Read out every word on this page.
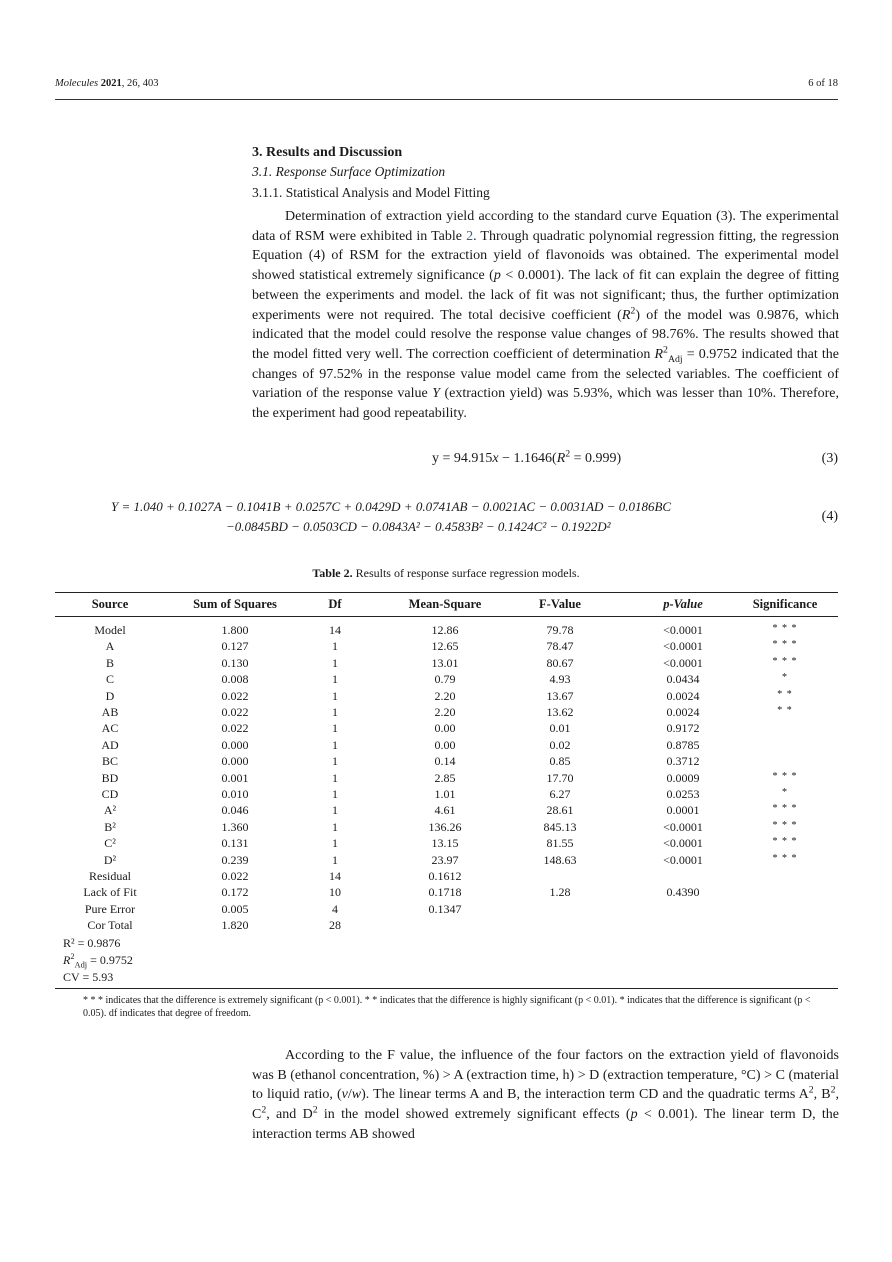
Molecules 2021, 26, 403	6 of 18
3. Results and Discussion
3.1. Response Surface Optimization
3.1.1. Statistical Analysis and Model Fitting
Determination of extraction yield according to the standard curve Equation (3). The experimental data of RSM were exhibited in Table 2. Through quadratic polynomial regression fitting, the regression Equation (4) of RSM for the extraction yield of flavonoids was obtained. The experimental model showed statistical extremely significance (p < 0.0001). The lack of fit can explain the degree of fitting between the experiments and model. the lack of fit was not significant; thus, the further optimization experiments were not required. The total decisive coefficient $(R^2)$ of the model was 0.9876, which indicated that the model could resolve the response value changes of 98.76%. The results showed that the model fitted very well. The correction coefficient of determination $R^2_{Adj} = 0.9752$ indicated that the changes of 97.52% in the response value model came from the selected variables. The coefficient of variation of the response value Y (extraction yield) was 5.93%, which was lesser than 10%. Therefore, the experiment had good repeatability.
$y = 94.915x - 1.1646(R^2 = 0.999)$	(3)
Y = 1.040 + 0.1027A − 0.1041B + 0.0257C + 0.0429D + 0.0741AB − 0.0021AC − 0.0031AD − 0.0186BC
−0.0845BD − 0.0503CD − 0.0843A² − 0.4583B² − 0.1424C² − 0.1922D²
(4)
Table 2. Results of response surface regression models.
Source	Sum of Squares	Df	Mean-Square	F-Value	p-Value	Significance
Model	1.800	14	12.86	79.78	<0.0001	* * *
A	0.127	1	12.65	78.47	<0.0001	* * *
B	0.130	1	13.01	80.67	<0.0001	* * *
C	0.008	1	0.79	4.93	0.0434	*
D	0.022	1	2.20	13.67	0.0024	* *
AB	0.022	1	2.20	13.62	0.0024	* *
AC	0.022	1	0.00	0.01	0.9172
AD	0.000	1	0.00	0.02	0.8785
BC	0.000	1	0.14	0.85	0.3712
BD	0.001	1	2.85	17.70	0.0009	* * *
CD	0.010	1	1.01	6.27	0.0253	*
A²	0.046	1	4.61	28.61	0.0001	* * *
B²	1.360	1	136.26	845.13	<0.0001	* * *
C²	0.131	1	13.15	81.55	<0.0001	* * *
D²	0.239	1	23.97	148.63	<0.0001	* * *
Residual	0.022	14	0.1612
Lack of Fit	0.172	10	0.1718	1.28	0.4390
Pure Error	0.005	4	0.1347
Cor Total	1.820	28
R² = 0.9876
$R^2_{Adj} = 0.9752$
CV = 5.93
* * * indicates that the difference is extremely significant (p < 0.001). * * indicates that the difference is highly significant (p < 0.01). * indicates that the difference is significant (p < 0.05). df indicates that degree of freedom.
According to the F value, the influence of the four factors on the extraction yield of flavonoids was B (ethanol concentration, %) > A (extraction time, h) > D (extraction temperature, °C) > C (material to liquid ratio, (v/w). The linear terms A and B, the interaction term CD and the quadratic terms $A^2$, $B^2$, $C^2$, and $D^2$ in the model showed extremely significant effects (p < 0.001). The linear term D, the interaction terms AB showed
